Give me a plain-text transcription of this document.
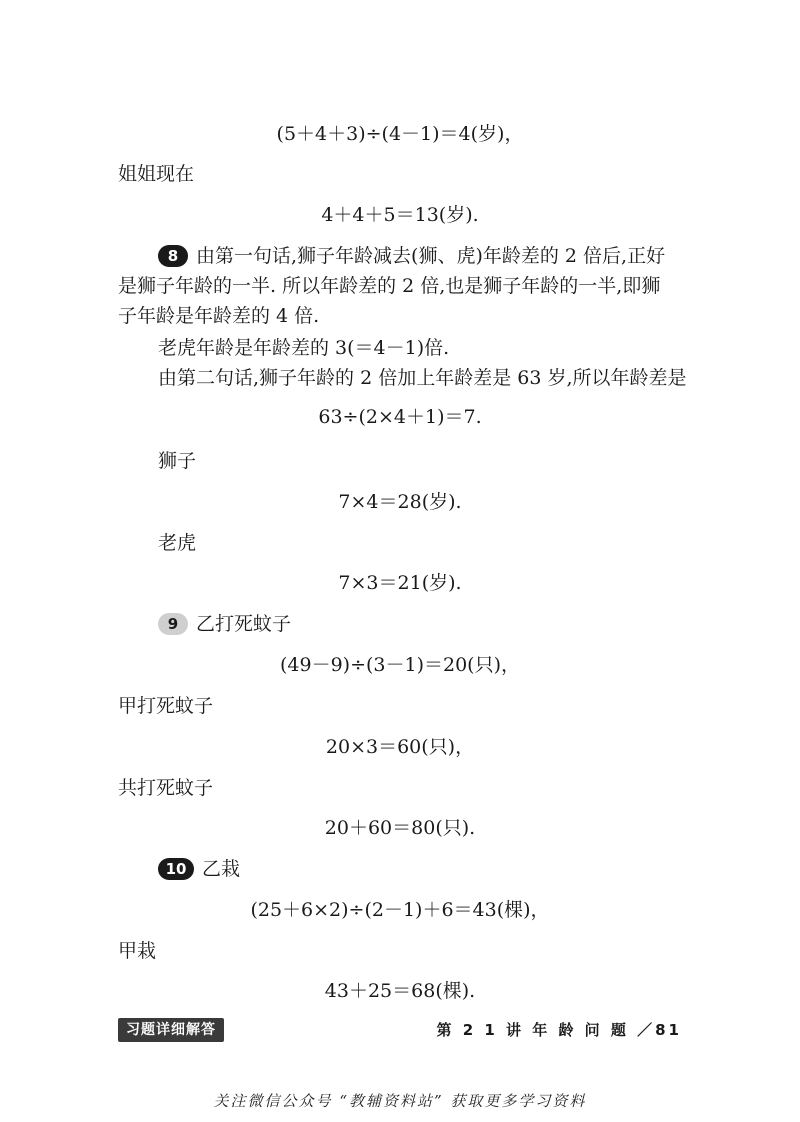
(5＋4＋3)÷(4－1)＝4(岁)，
姐姐现在
4＋4＋5＝13(岁).
8 由第一句话,狮子年龄减去(狮、虎)年龄差的 2 倍后,正好
是狮子年龄的一半. 所以年龄差的 2 倍,也是狮子年龄的一半,即狮
子年龄是年龄差的 4 倍.
老虎年龄是年龄差的 3(＝4－1)倍.
由第二句话,狮子年龄的 2 倍加上年龄差是 63 岁,所以年龄差是
63÷(2×4＋1)＝7.
狮子
7×4＝28(岁).
老虎
7×3＝21(岁).
9 乙打死蚊子
(49－9)÷(3－1)＝20(只)，
甲打死蚊子
20×3＝60(只)，
共打死蚊子
20＋60＝80(只).
10 乙栽
(25＋6×2)÷(2－1)＋6＝43(棵)，
甲栽
43＋25＝68(棵).
习题详细解答	第 2 1 讲 年 龄 问 题 ／81
关注微信公众号 “教辅资料站” 获取更多学习资料
